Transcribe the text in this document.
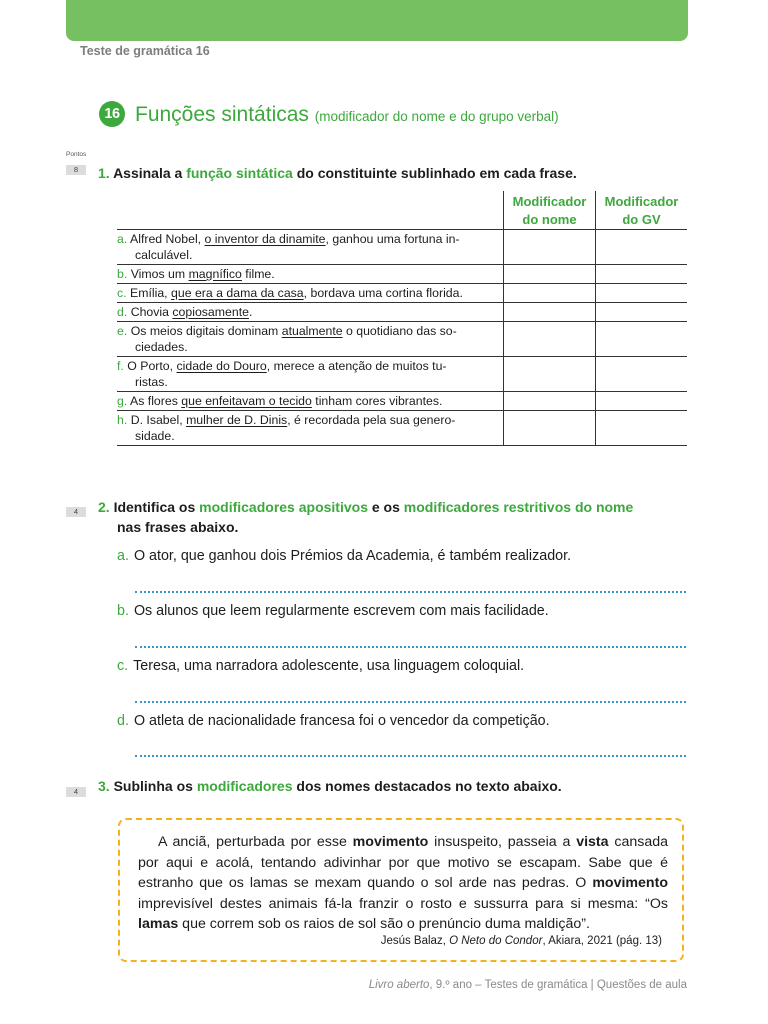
Teste de gramática 16
16 Funções sintáticas (modificador do nome e do grupo verbal)
Pontos
8	1. Assinala a função sintática do constituinte sublinhado em cada frase.
	Modificador do nome	Modificador do GV
a. Alfred Nobel, o inventor da dinamite, ganhou uma fortuna in-
calculável.		
b. Vimos um magnífico filme.		
c. Emília, que era a dama da casa, bordava uma cortina florida.		
d. Chovia copiosamente.		
e. Os meios digitais dominam atualmente o quotidiano das so-
ciedades.		
f. O Porto, cidade do Douro, merece a atenção de muitos tu-
ristas.		
g. As flores que enfeitavam o tecido tinham cores vibrantes.		
h. D. Isabel, mulher de D. Dinis, é recordada pela sua genero-
sidade.		
4	2. Identifica os modificadores apositivos e os modificadores restritivos do nome
nas frases abaixo.
a. O ator, que ganhou dois Prémios da Academia, é também realizador.
b. Os alunos que leem regularmente escrevem com mais facilidade.
c. Teresa, uma narradora adolescente, usa linguagem coloquial.
d. O atleta de nacionalidade francesa foi o vencedor da competição.
4	3. Sublinha os modificadores dos nomes destacados no texto abaixo.

A anciã, perturbada por esse movimento insuspeito, passeia a vista cansada por aqui e acolá, tentando adivinhar por que motivo se escapam. Sabe que é estranho que os lamas se mexam quando o sol arde nas pedras. O movimento imprevisível destes animais fá-la franzir o rosto e sussurra para si mesma: “Os lamas que correm sob os raios de sol são o prenúncio duma maldição”.

Jesús Balaz, O Neto do Condor, Akiara, 2021 (pág. 13)
Livro aberto, 9.º ano – Testes de gramática | Questões de aula
